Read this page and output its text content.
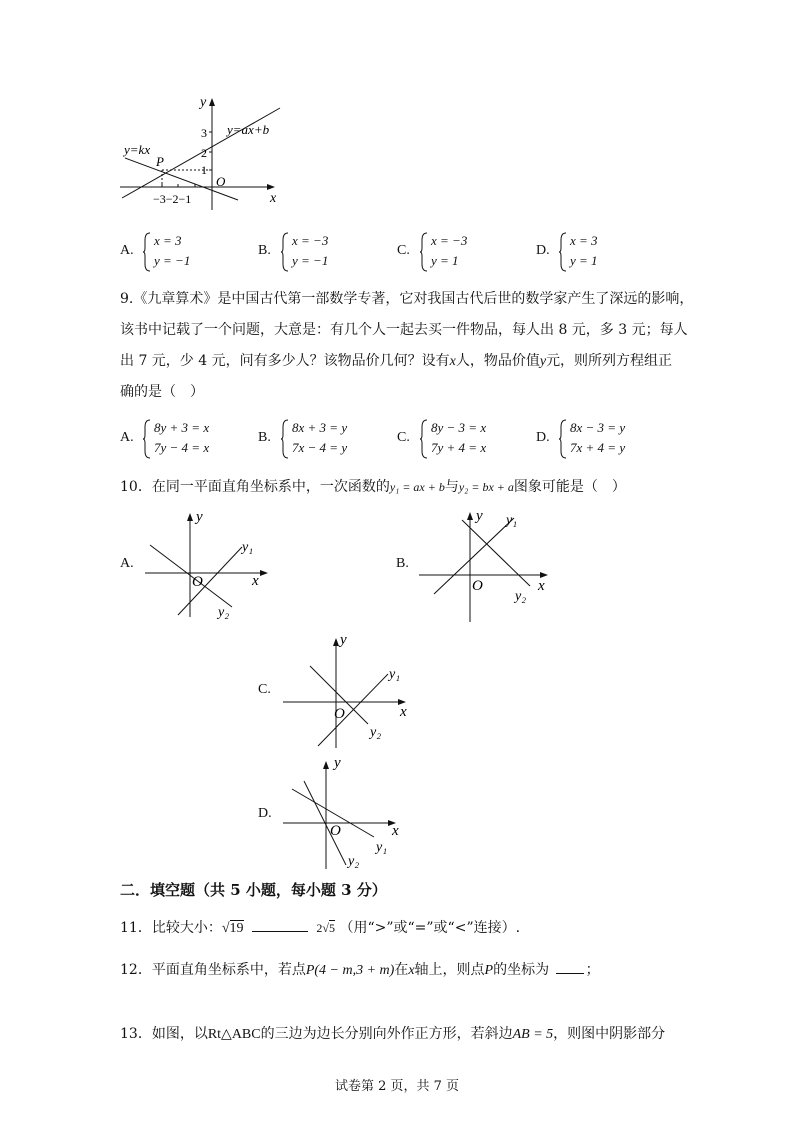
y
x
O
P
y=kx
y=ax+b
3
2
1
−3−2−1
A.
x = 3
y = −1
B.
x = −3
y = −1
C.
x = −3
y = 1
D.
x = 3
y = 1
9.《九章算术》是中国古代第一部数学专著，它对我国古代后世的数学家产生了深远的影响，
该书中记载了一个问题，大意是：有几个人一起去买一件物品，每人出 8 元，多 3 元；每人
出 7 元，少 4 元，问有多少人？该物品价几何？设有x人，物品价值y元，则所列方程组正
确的是（　）
A.
8y + 3 = x
7y − 4 = x
B.
8x + 3 = y
7x − 4 = y
C.
8y − 3 = x
7y + 4 = x
D.
8x − 3 = y
7x + 4 = y
10．在同一平面直角坐标系中，一次函数的y₁ = ax + b与y₂ = bx + a图象可能是（　）
A.
y
x
O
y₁
y₂
B.
y
x
O
y₁
y₂
C.
y
x
O
y₁
y₂
D.
y
x
O
y₁
y₂
二．填空题（共 5 小题，每小题 3 分）
11．比较大小：√19	2√5 （用“>”或“=”或“<”连接）.
12．平面直角坐标系中，若点P(4 − m,3 + m)在x轴上，则点P的坐标为	；
13．如图，以Rt△ABC的三边为边长分别向外作正方形，若斜边AB = 5，则图中阴影部分
试卷第 2 页，共 7 页
